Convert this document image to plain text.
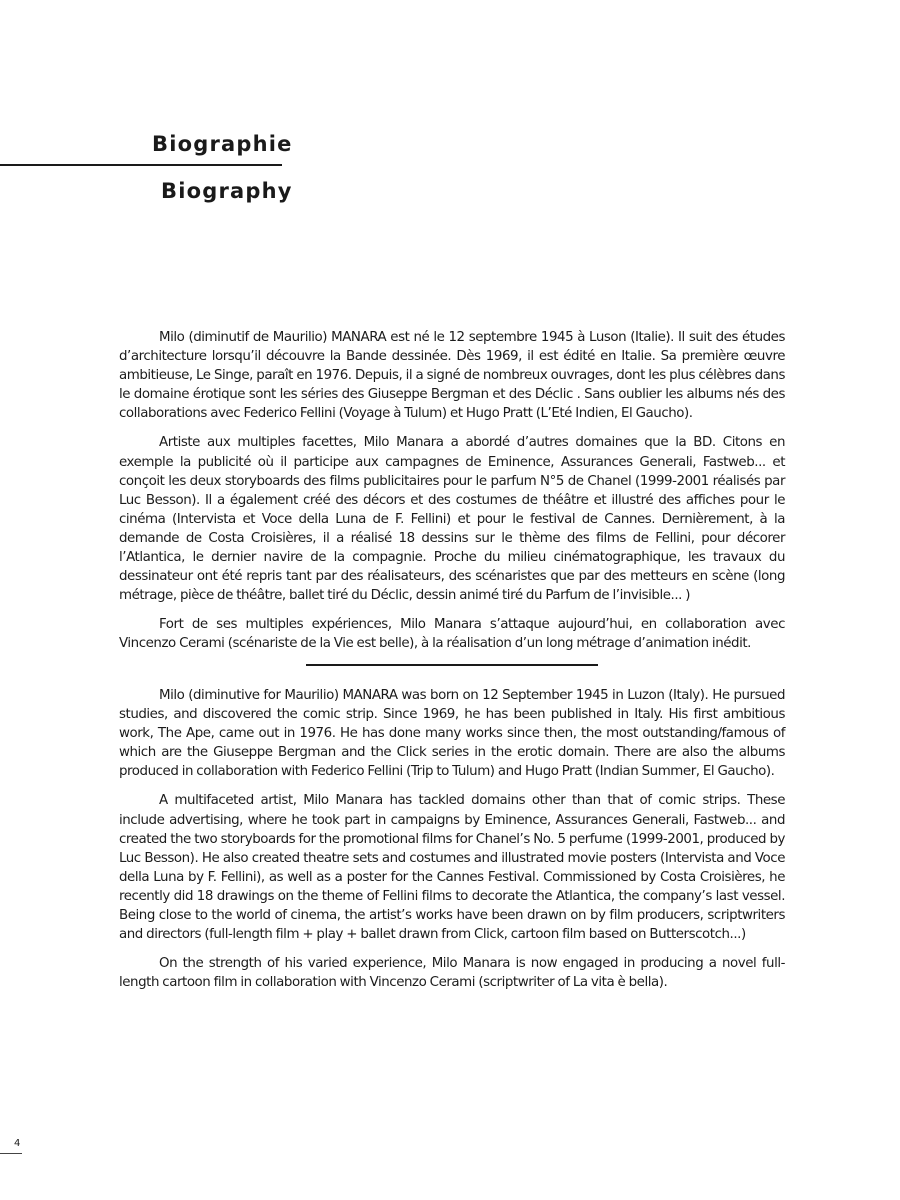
Biographie
Biography

Milo (diminutif de Maurilio) MANARA est né le 12 septembre 1945 à Luson (Italie). Il suit des études d’architecture lorsqu’il découvre la Bande dessinée. Dès 1969, il est édité en Italie. Sa première œuvre ambitieuse, Le Singe, paraît en 1976. Depuis, il a signé de nombreux ouvrages, dont les plus célèbres dans le domaine érotique sont les séries des Giuseppe Bergman et des Déclic . Sans oublier les albums nés des collaborations avec Federico Fellini (Voyage à Tulum) et Hugo Pratt (L’Eté Indien, El Gaucho).

Artiste aux multiples facettes, Milo Manara a abordé d’autres domaines que la BD. Citons en exemple la publicité où il participe aux campagnes de Eminence, Assurances Generali, Fastweb... et conçoit les deux storyboards des films publicitaires pour le parfum N°5 de Chanel (1999-2001 réalisés par Luc Besson). Il a également créé des décors et des costumes de théâtre et illustré des affiches pour le cinéma (Intervista et Voce della Luna de F. Fellini) et pour le festival de Cannes. Dernièrement, à la demande de Costa Croisières, il a réalisé 18 dessins sur le thème des films de Fellini, pour décorer l’Atlantica, le dernier navire de la compagnie. Proche du milieu cinématographique, les travaux du dessinateur ont été repris tant par des réalisateurs, des scénaristes que par des metteurs en scène (long métrage, pièce de théâtre, ballet tiré du Déclic, dessin animé tiré du Parfum de l’invisible... )

Fort de ses multiples expériences, Milo Manara s’attaque aujourd’hui, en collaboration avec Vincenzo Cerami (scénariste de la Vie est belle), à la réalisation d’un long métrage d’animation inédit.

Milo (diminutive for Maurilio) MANARA was born on 12 September 1945 in Luzon (Italy). He pursued studies, and discovered the comic strip. Since 1969, he has been published in Italy. His first ambitious work, The Ape, came out in 1976. He has done many works since then, the most outstanding/famous of which are the Giuseppe Bergman and the Click series in the erotic domain. There are also the albums produced in collaboration with Federico Fellini (Trip to Tulum) and Hugo Pratt (Indian Summer, El Gaucho).

A multifaceted artist, Milo Manara has tackled domains other than that of comic strips. These include advertising, where he took part in campaigns by Eminence, Assurances Generali, Fastweb... and created the two storyboards for the promotional films for Chanel’s No. 5 perfume (1999-2001, produced by Luc Besson). He also created theatre sets and costumes and illustrated movie posters (Intervista and Voce della Luna by F. Fellini), as well as a poster for the Cannes Festival. Commissioned by Costa Croisières, he recently did 18 drawings on the theme of Fellini films to decorate the Atlantica, the company’s last vessel. Being close to the world of cinema, the artist’s works have been drawn on by film producers, scriptwriters and directors (full-length film + play + ballet drawn from Click, cartoon film based on Butterscotch...)

On the strength of his varied experience, Milo Manara is now engaged in producing a novel full-length cartoon film in collaboration with Vincenzo Cerami (scriptwriter of La vita è bella).

4
